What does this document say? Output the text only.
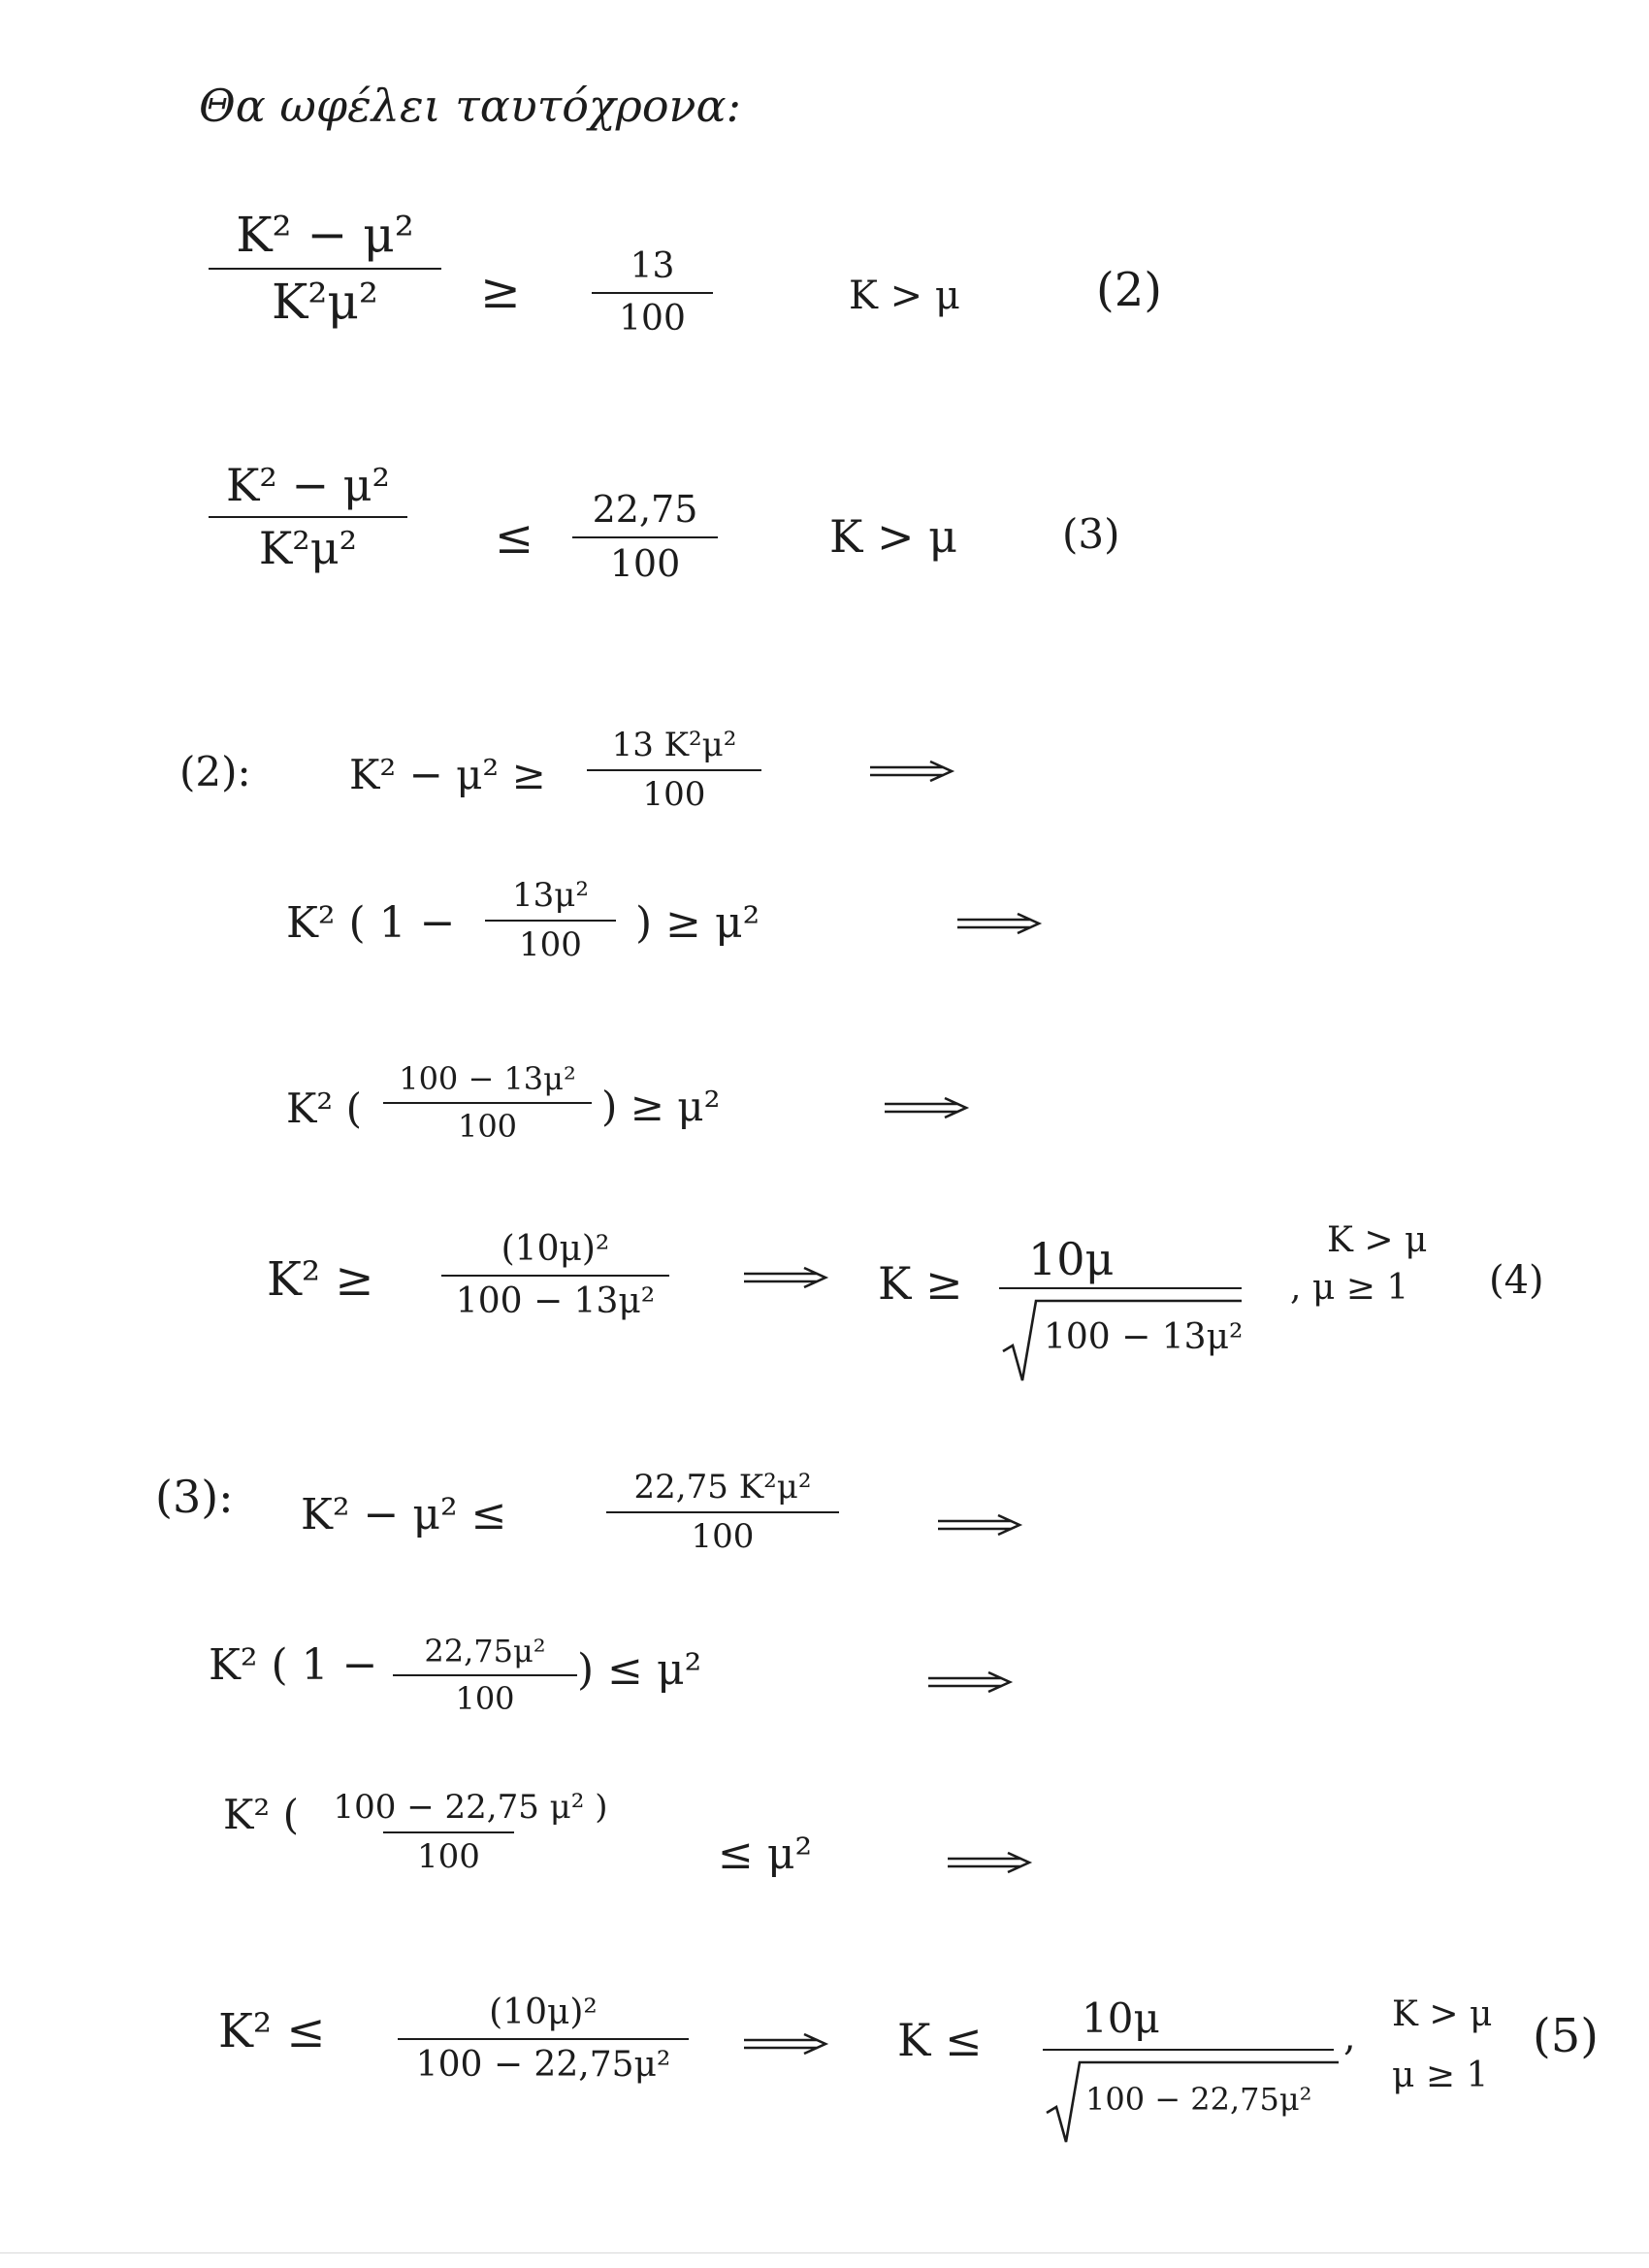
Θα ωφέλει ταυτόχρονα:
K² − μ²
K²μ²	≥	13
100
K > μ	(2)
K² − μ²
K²μ²	≤
22,75
100
K > μ	(3)
(2): K² − μ² ≥
13 K²μ²
100
K² ( 1 −
13μ²
100	) ≥ μ²
K² (
100 − 13μ²
100	) ≥ μ²
K² ≥
(10μ)²
100 − 13μ²	K ≥ 10μ
100 − 13μ²
K > μ
, μ ≥ 1	(4)
(3): K² − μ² ≤
22,75 K²μ²
100
K² ( 1 −	22,75μ²
100
) ≤ μ²
K² (	100 − 22,75 μ² )
100	≤ μ²
K² ≤	(10μ)²
100 − 22,75μ²	K ≤ 10μ
100 − 22,75μ²
,
K > μ
μ ≥ 1
(5)
